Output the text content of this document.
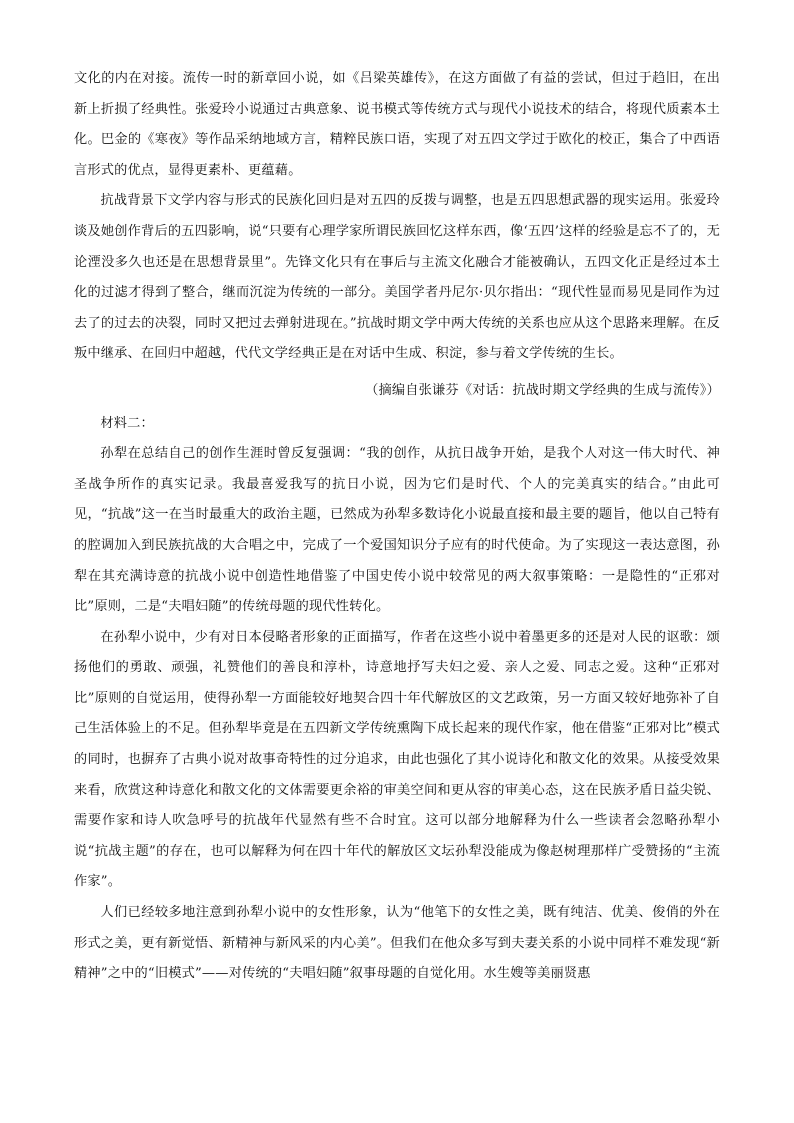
文化的内在对接。流传一时的新章回小说，如《吕梁英雄传》，在这方面做了有益的尝试，但过于趋旧，在出新上折损了经典性。张爱玲小说通过古典意象、说书模式等传统方式与现代小说技术的结合，将现代质素本土化。巴金的《寒夜》等作品采纳地域方言，精粹民族口语，实现了对五四文学过于欧化的校正，集合了中西语言形式的优点，显得更素朴、更蕴藉。

抗战背景下文学内容与形式的民族化回归是对五四的反拨与调整，也是五四思想武器的现实运用。张爱玲谈及她创作背后的五四影响，说“只要有心理学家所谓民族回忆这样东西，像‘五四’这样的经验是忘不了的，无论湮没多久也还是在思想背景里”。先锋文化只有在事后与主流文化融合才能被确认，五四文化正是经过本土化的过滤才得到了整合，继而沉淀为传统的一部分。美国学者丹尼尔·贝尔指出：“现代性显而易见是同作为过去了的过去的决裂，同时又把过去弹射进现在。”抗战时期文学中两大传统的关系也应从这个思路来理解。在反叛中继承、在回归中超越，代代文学经典正是在对话中生成、积淀，参与着文学传统的生长。

（摘编自张谦芬《对话：抗战时期文学经典的生成与流传》）

材料二：

孙犁在总结自己的创作生涯时曾反复强调：“我的创作，从抗日战争开始，是我个人对这一伟大时代、神圣战争所作的真实记录。我最喜爱我写的抗日小说，因为它们是时代、个人的完美真实的结合。”由此可见，“抗战”这一在当时最重大的政治主题，已然成为孙犁多数诗化小说最直接和最主要的题旨，他以自己特有的腔调加入到民族抗战的大合唱之中，完成了一个爱国知识分子应有的时代使命。为了实现这一表达意图，孙犁在其充满诗意的抗战小说中创造性地借鉴了中国史传小说中较常见的两大叙事策略：一是隐性的“正邪对比”原则，二是“夫唱妇随”的传统母题的现代性转化。

在孙犁小说中，少有对日本侵略者形象的正面描写，作者在这些小说中着墨更多的还是对人民的讴歌：颂扬他们的勇敢、顽强，礼赞他们的善良和淳朴，诗意地抒写夫妇之爱、亲人之爱、同志之爱。这种“正邪对比”原则的自觉运用，使得孙犁一方面能较好地契合四十年代解放区的文艺政策，另一方面又较好地弥补了自己生活体验上的不足。但孙犁毕竟是在五四新文学传统熏陶下成长起来的现代作家，他在借鉴“正邪对比”模式的同时，也摒弃了古典小说对故事奇特性的过分追求，由此也强化了其小说诗化和散文化的效果。从接受效果来看，欣赏这种诗意化和散文化的文体需要更余裕的审美空间和更从容的审美心态，这在民族矛盾日益尖锐、需要作家和诗人吹急呼号的抗战年代显然有些不合时宜。这可以部分地解释为什么一些读者会忽略孙犁小说“抗战主题”的存在，也可以解释为何在四十年代的解放区文坛孙犁没能成为像赵树理那样广受赞扬的“主流作家”。

人们已经较多地注意到孙犁小说中的女性形象，认为“他笔下的女性之美，既有纯洁、优美、俊俏的外在形式之美，更有新觉悟、新精神与新风采的内心美”。但我们在他众多写到夫妻关系的小说中同样不难发现“新精神”之中的“旧模式”——对传统的“夫唱妇随”叙事母题的自觉化用。水生嫂等美丽贤惠
